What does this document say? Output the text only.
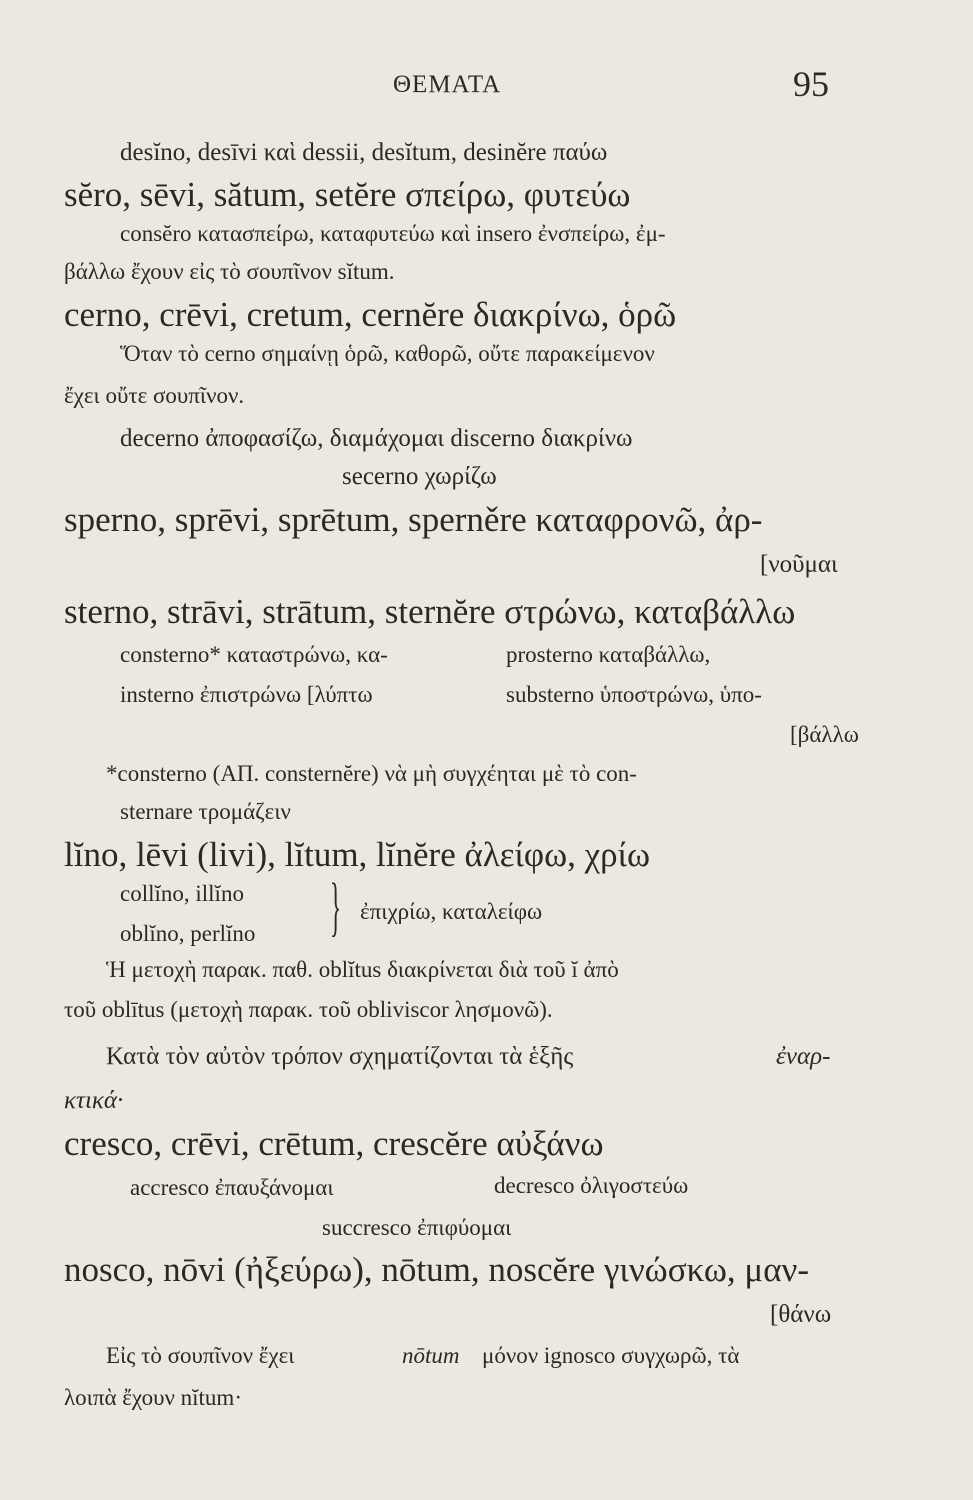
ΘΕΜΑΤΑ	95
desĭno, desīvi καὶ dessii, desĭtum, desinĕre παύω
sĕro, sēvi, sătum, setĕre σπείρω, φυτεύω
consĕro κατασπείρω, καταφυτεύω καὶ insero ἐνσπείρω, ἐμ-
βάλλω ἔχουν εἰς τὸ σουπῖνον sĭtum.
cerno, crēvi, cretum, cernĕre διακρίνω, ὁρῶ
Ὅταν τὸ cerno σημαίνῃ ὁρῶ, καθορῶ, οὔτε παρακείμενον
ἔχει οὔτε σουπῖνον.
decerno ἀποφασίζω, διαμάχομαι discerno διακρίνω
secerno χωρίζω
sperno, sprēvi, sprētum, sperněre καταφρονῶ, ἀρ-
[νοῦμαι
sterno, strāvi, strātum, sternĕre στρώνω, καταβάλλω
consterno* καταστρώνω, κα-	prosterno καταβάλλω,
insterno ἐπιστρώνω [λύπτω	substerno ὑποστρώνω, ὑπο-
[βάλλω
*consterno (ΑΠ. consternĕre) νὰ μὴ συγχέηται μὲ τὸ con-
sternare τρομάζειν
lĭno, lēvi (livi), lĭtum, lĭnĕre ἀλείφω, χρίω
collĭno, illĭno
oblĭno, perlĭno } ἐπιχρίω, καταλείφω
Ἡ μετοχὴ παρακ. παθ. oblĭtus διακρίνεται διὰ τοῦ ĭ ἀπὸ
τοῦ oblītus (μετοχὴ παρακ. τοῦ obliviscor λησμονῶ).
Κατὰ τὸν αὐτὸν τρόπον σχηματίζονται τὰ ἑξῆς	ἐναρ-
κτικά·
cresco, crēvi, crētum, crescĕre αὐξάνω
accresco ἐπαυξάνομαι	decresco ὀλιγοστεύω
succresco ἐπιφύομαι
nosco, nōvi (ἠξεύρω), nōtum, noscĕre γινώσκω, μαν-
[θάνω
Εἰς τὸ σουπῖνον ἔχει	nōtum μόνον ignosco συγχωρῶ, τὰ
λοιπὰ ἔχουν nĭtum·
